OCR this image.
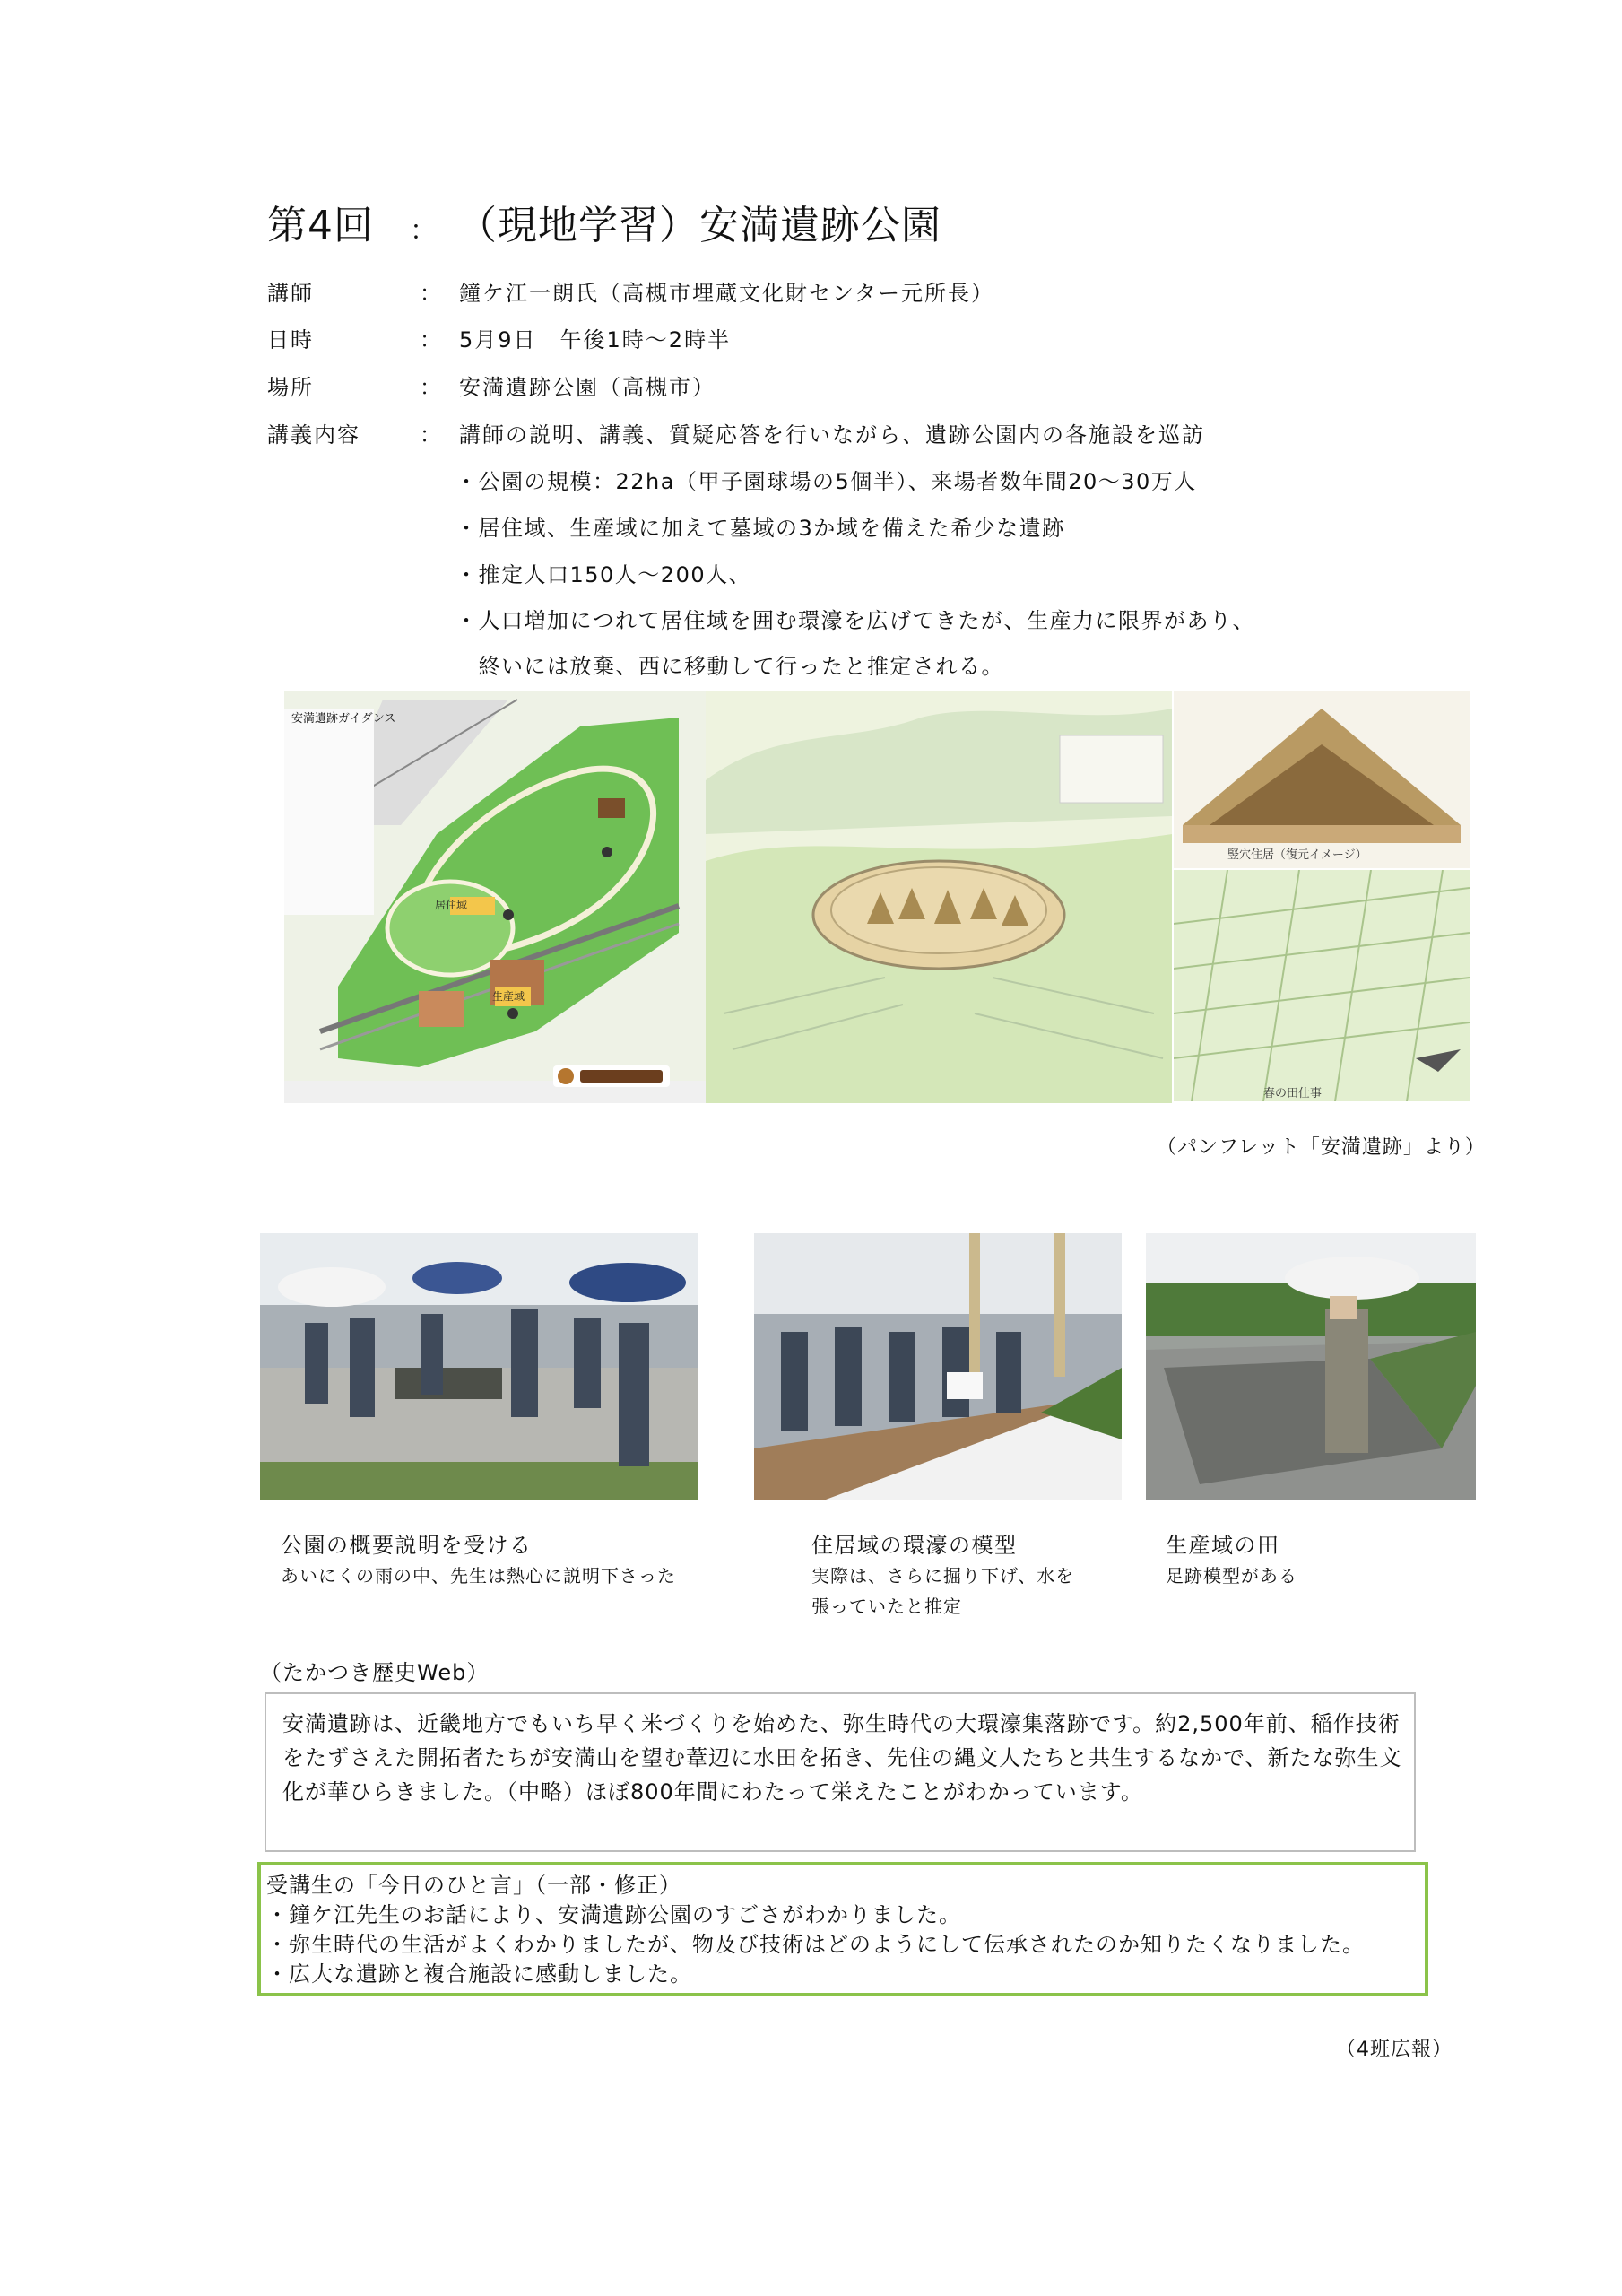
第4回 ： （現地学習）安満遺跡公園
講師	： 鐘ケ江一朗氏（高槻市埋蔵文化財センター元所長）
日時	： 5月9日　午後1時～2時半
場所	： 安満遺跡公園（高槻市）
講義内容	： 講師の説明、講義、質疑応答を行いながら、遺跡公園内の各施設を巡訪
・公園の規模：22ha（甲子園球場の5個半）、来場者数年間20～30万人
・居住域、生産域に加えて墓域の3か域を備えた希少な遺跡
・推定人口150人～200人、
・人口増加につれて居住域を囲む環濠を広げてきたが、生産力に限界があり、
　終いには放棄、西に移動して行ったと推定される。
安満遺跡ガイダンス
居住域
生産域
竪穴住居（復元イメージ）
春の田仕事
（パンフレット「安満遺跡」より）
公園の概要説明を受ける
あいにくの雨の中、先生は熱心に説明下さった
住居域の環濠の模型
実際は、さらに掘り下げ、水を
張っていたと推定
生産域の田
足跡模型がある
（たかつき歴史Web）
安満遺跡は、近畿地方でもいち早く米づくりを始めた、弥生時代の大環濠集落跡です。約2,500年前、稲作技術
をたずさえた開拓者たちが安満山を望む葦辺に水田を拓き、先住の縄文人たちと共生するなかで、新たな弥生文
化が華ひらきました。（中略）ほぼ800年間にわたって栄えたことがわかっています。
受講生の「今日のひと言」（一部・修正）
・鐘ケ江先生のお話により、安満遺跡公園のすごさがわかりました。
・弥生時代の生活がよくわかりましたが、物及び技術はどのようにして伝承されたのか知りたくなりました。
・広大な遺跡と複合施設に感動しました。
（4班広報）
